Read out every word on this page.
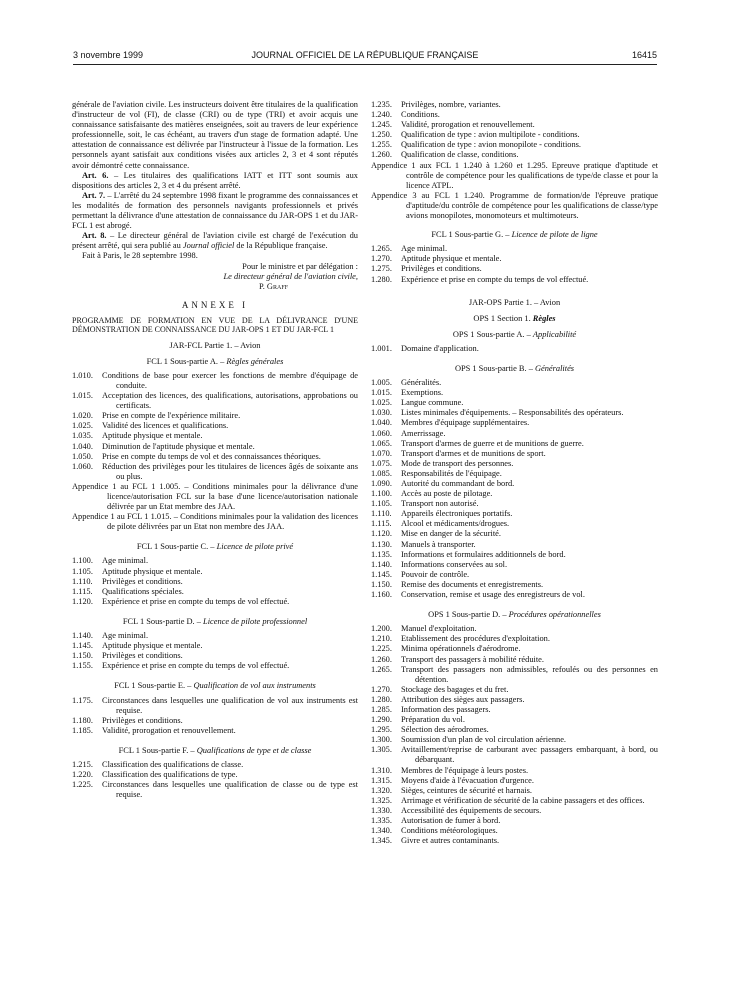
3 novembre 1999	JOURNAL OFFICIEL DE LA RÉPUBLIQUE FRANÇAISE	16415

générale de l'aviation civile. Les instructeurs doivent être titulaires de la qualification d'instructeur de vol (FI), de classe (CRI) ou de type (TRI) et avoir acquis une connaissance satisfaisante des matières enseignées, soit au travers de leur expérience professionnelle, soit, le cas échéant, au travers d'un stage de formation adapté. Une attestation de connaissance est délivrée par l'instructeur à l'issue de la formation. Les personnels ayant satisfait aux conditions visées aux articles 2, 3 et 4 sont réputés avoir démontré cette connaissance.

Art. 6. – Les titulaires des qualifications IATT et ITT sont soumis aux dispositions des articles 2, 3 et 4 du présent arrêté.

Art. 7. – L'arrêté du 24 septembre 1998 fixant le programme des connaissances et les modalités de formation des personnels navigants professionnels et privés permettant la délivrance d'une attestation de connaissance du JAR-OPS 1 et du JAR-FCL 1 est abrogé.

Art. 8. – Le directeur général de l'aviation civile est chargé de l'exécution du présent arrêté, qui sera publié au Journal officiel de la République française.

Fait à Paris, le 28 septembre 1998.

Pour le ministre et par délégation :

Le directeur général de l'aviation civile,

P. Graff

ANNEXE I

PROGRAMME DE FORMATION EN VUE DE LA DÉLIVRANCE D'UNE DÉMONSTRATION DE CONNAISSANCE DU JAR-OPS 1 ET DU JAR-FCL 1

JAR-FCL Partie 1. – Avion

FCL 1 Sous-partie A. – Règles générales

1.010.	Conditions de base pour exercer les fonctions de membre d'équipage de conduite.
1.015.	Acceptation des licences, des qualifications, autorisations, approbations ou certificats.
1.020.	Prise en compte de l'expérience militaire.
1.025.	Validité des licences et qualifications.
1.035.	Aptitude physique et mentale.
1.040.	Diminution de l'aptitude physique et mentale.
1.050.	Prise en compte du temps de vol et des connaissances théoriques.
1.060.	Réduction des privilèges pour les titulaires de licences âgés de soixante ans ou plus.

Appendice 1 au FCL 1 1.005. – Conditions minimales pour la délivrance d'une licence/autorisation FCL sur la base d'une licence/autorisation nationale délivrée par un Etat membre des JAA.

Appendice 1 au FCL 1 1.015. – Conditions minimales pour la validation des licences de pilote délivrées par un Etat non membre des JAA.

FCL 1 Sous-partie C. – Licence de pilote privé

1.100.	Age minimal.
1.105.	Aptitude physique et mentale.
1.110.	Privilèges et conditions.
1.115.	Qualifications spéciales.
1.120.	Expérience et prise en compte du temps de vol effectué.

FCL 1 Sous-partie D. – Licence de pilote professionnel

1.140.	Age minimal.
1.145.	Aptitude physique et mentale.
1.150.	Privilèges et conditions.
1.155.	Expérience et prise en compte du temps de vol effectué.

FCL 1 Sous-partie E. – Qualification de vol aux instruments

1.175.	Circonstances dans lesquelles une qualification de vol aux instruments est requise.
1.180.	Privilèges et conditions.
1.185.	Validité, prorogation et renouvellement.

FCL 1 Sous-partie F. – Qualifications de type et de classe

1.215.	Classification des qualifications de classe.
1.220.	Classification des qualifications de type.
1.225.	Circonstances dans lesquelles une qualification de classe ou de type est requise.
1.235.	Privilèges, nombre, variantes.
1.240.	Conditions.
1.245.	Validité, prorogation et renouvellement.
1.250.	Qualification de type : avion multipilote - conditions.
1.255.	Qualification de type : avion monopilote - conditions.
1.260.	Qualification de classe, conditions.

Appendice 1 aux FCL 1 1.240 à 1.260 et 1.295. Epreuve pratique d'aptitude et contrôle de compétence pour les qualifications de type/de classe et pour la licence ATPL.

Appendice 3 au FCL 1 1.240. Programme de formation/de l'épreuve pratique d'aptitude/du contrôle de compétence pour les qualifications de classe/type avions monopilotes, monomoteurs et multimoteurs.

FCL 1 Sous-partie G. – Licence de pilote de ligne

1.265.	Age minimal.
1.270.	Aptitude physique et mentale.
1.275.	Privilèges et conditions.
1.280.	Expérience et prise en compte du temps de vol effectué.

JAR-OPS Partie 1. – Avion

OPS 1 Section 1. Règles

OPS 1 Sous-partie A. – Applicabilité

1.001.	Domaine d'application.

OPS 1 Sous-partie B. – Généralités

1.005.	Généralités.
1.015.	Exemptions.
1.025.	Langue commune.
1.030.	Listes minimales d'équipements. – Responsabilités des opérateurs.
1.040.	Membres d'équipage supplémentaires.
1.060.	Amerrissage.
1.065.	Transport d'armes de guerre et de munitions de guerre.
1.070.	Transport d'armes et de munitions de sport.
1.075.	Mode de transport des personnes.
1.085.	Responsabilités de l'équipage.
1.090.	Autorité du commandant de bord.
1.100.	Accès au poste de pilotage.
1.105.	Transport non autorisé.
1.110.	Appareils électroniques portatifs.
1.115.	Alcool et médicaments/drogues.
1.120.	Mise en danger de la sécurité.
1.130.	Manuels à transporter.
1.135.	Informations et formulaires additionnels de bord.
1.140.	Informations conservées au sol.
1.145.	Pouvoir de contrôle.
1.150.	Remise des documents et enregistrements.
1.160.	Conservation, remise et usage des enregistreurs de vol.

OPS 1 Sous-partie D. – Procédures opérationnelles

1.200.	Manuel d'exploitation.
1.210.	Etablissement des procédures d'exploitation.
1.225.	Minima opérationnels d'aérodrome.
1.260.	Transport des passagers à mobilité réduite.
1.265.	Transport des passagers non admissibles, refoulés ou des personnes en détention.
1.270.	Stockage des bagages et du fret.
1.280.	Attribution des sièges aux passagers.
1.285.	Information des passagers.
1.290.	Préparation du vol.
1.295.	Sélection des aérodromes.
1.300.	Soumission d'un plan de vol circulation aérienne.
1.305.	Avitaillement/reprise de carburant avec passagers embarquant, à bord, ou débarquant.
1.310.	Membres de l'équipage à leurs postes.
1.315.	Moyens d'aide à l'évacuation d'urgence.
1.320.	Sièges, ceintures de sécurité et harnais.
1.325.	Arrimage et vérification de sécurité de la cabine passagers et des offices.
1.330.	Accessibilité des équipements de secours.
1.335.	Autorisation de fumer à bord.
1.340.	Conditions météorologiques.
1.345.	Givre et autres contaminants.
